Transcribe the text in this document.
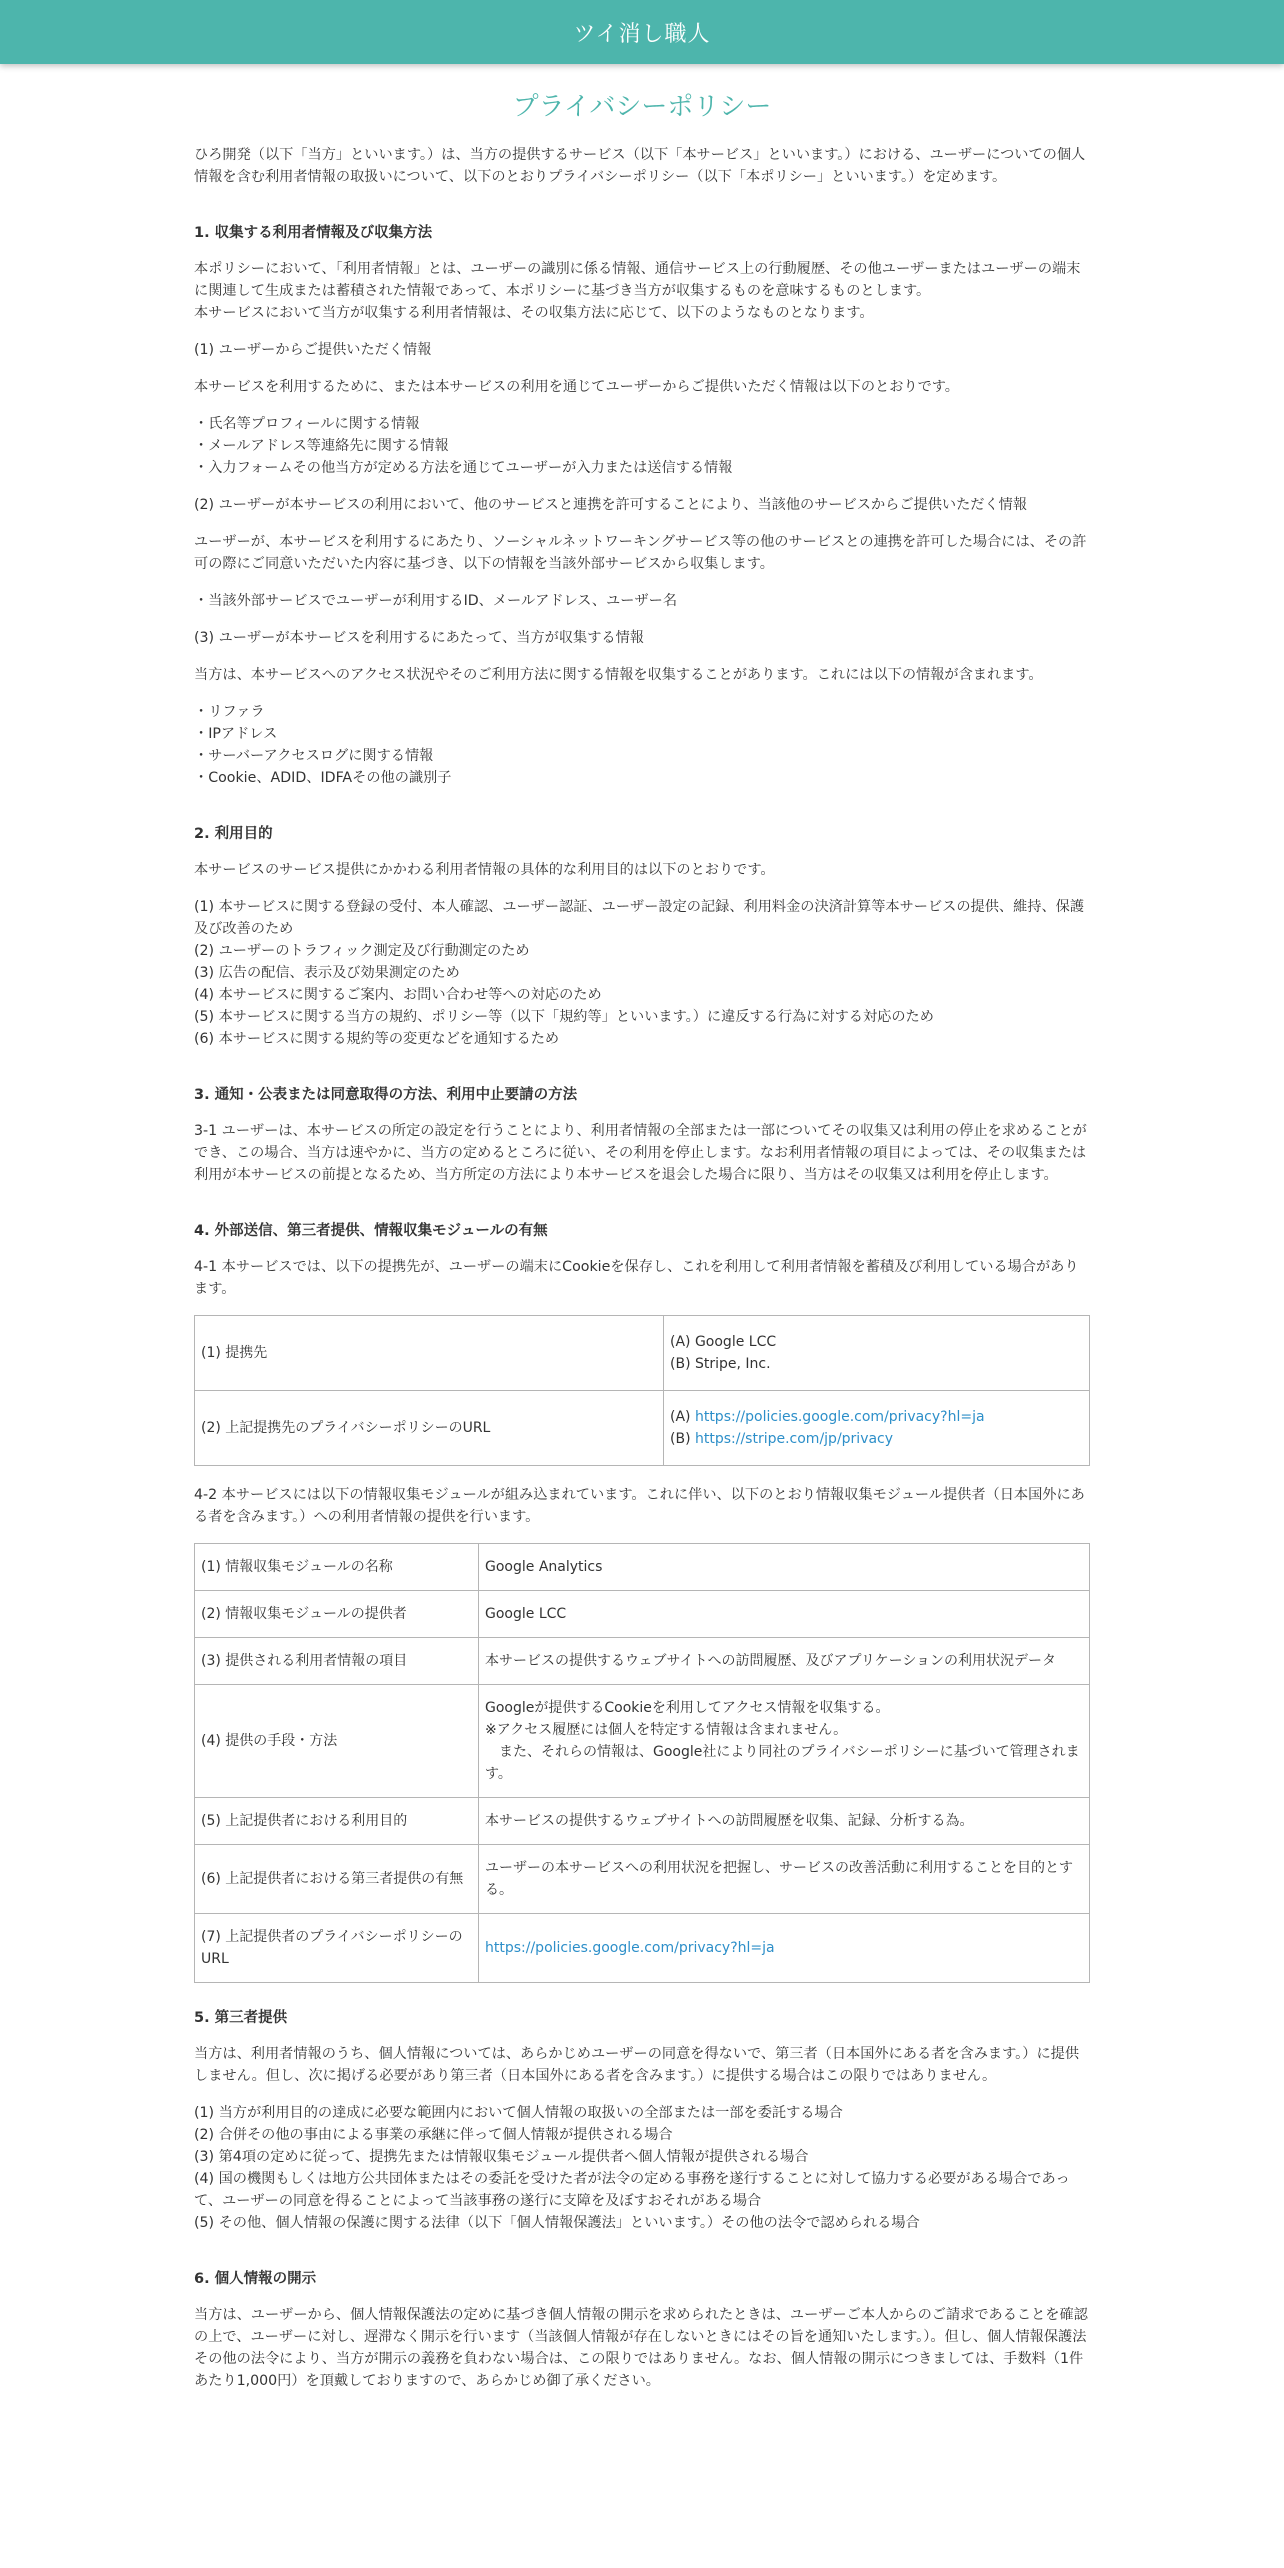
ツイ消し職人
プライバシーポリシー

ひろ開発（以下「当方」といいます。）は、当方の提供するサービス（以下「本サービス」といいます。）における、ユーザーについての個人情報を含む利用者情報の取扱いについて、以下のとおりプライバシーポリシー（以下「本ポリシー」といいます。）を定めます。

1. 収集する利用者情報及び収集方法

本ポリシーにおいて、「利用者情報」とは、ユーザーの識別に係る情報、通信サービス上の行動履歴、その他ユーザーまたはユーザーの端末に関連して生成または蓄積された情報であって、本ポリシーに基づき当方が収集するものを意味するものとします。
本サービスにおいて当方が収集する利用者情報は、その収集方法に応じて、以下のようなものとなります。

(1) ユーザーからご提供いただく情報

本サービスを利用するために、または本サービスの利用を通じてユーザーからご提供いただく情報は以下のとおりです。

・氏名等プロフィールに関する情報
・メールアドレス等連絡先に関する情報
・入力フォームその他当方が定める方法を通じてユーザーが入力または送信する情報

(2) ユーザーが本サービスの利用において、他のサービスと連携を許可することにより、当該他のサービスからご提供いただく情報

ユーザーが、本サービスを利用するにあたり、ソーシャルネットワーキングサービス等の他のサービスとの連携を許可した場合には、その許可の際にご同意いただいた内容に基づき、以下の情報を当該外部サービスから収集します。

・当該外部サービスでユーザーが利用するID、メールアドレス、ユーザー名

(3) ユーザーが本サービスを利用するにあたって、当方が収集する情報

当方は、本サービスへのアクセス状況やそのご利用方法に関する情報を収集することがあります。これには以下の情報が含まれます。

・リファラ
・IPアドレス
・サーバーアクセスログに関する情報
・Cookie、ADID、IDFAその他の識別子

2. 利用目的

本サービスのサービス提供にかかわる利用者情報の具体的な利用目的は以下のとおりです。

(1) 本サービスに関する登録の受付、本人確認、ユーザー認証、ユーザー設定の記録、利用料金の決済計算等本サービスの提供、維持、保護及び改善のため
(2) ユーザーのトラフィック測定及び行動測定のため
(3) 広告の配信、表示及び効果測定のため
(4) 本サービスに関するご案内、お問い合わせ等への対応のため
(5) 本サービスに関する当方の規約、ポリシー等（以下「規約等」といいます。）に違反する行為に対する対応のため
(6) 本サービスに関する規約等の変更などを通知するため

3. 通知・公表または同意取得の方法、利用中止要請の方法

3-1 ユーザーは、本サービスの所定の設定を行うことにより、利用者情報の全部または一部についてその収集又は利用の停止を求めることができ、この場合、当方は速やかに、当方の定めるところに従い、その利用を停止します。なお利用者情報の項目によっては、その収集または利用が本サービスの前提となるため、当方所定の方法により本サービスを退会した場合に限り、当方はその収集又は利用を停止します。

4. 外部送信、第三者提供、情報収集モジュールの有無

4-1 本サービスでは、以下の提携先が、ユーザーの端末にCookieを保存し、これを利用して利用者情報を蓄積及び利用している場合があります。

(1) 提携先	(A) Google LCC
(B) Stripe, Inc.
(2) 上記提携先のプライバシーポリシーのURL	(A) https://policies.google.com/privacy?hl=ja
(B) https://stripe.com/jp/privacy

4-2 本サービスには以下の情報収集モジュールが組み込まれています。これに伴い、以下のとおり情報収集モジュール提供者（日本国外にある者を含みます。）への利用者情報の提供を行います。

(1) 情報収集モジュールの名称	Google Analytics
(2) 情報収集モジュールの提供者	Google LCC
(3) 提供される利用者情報の項目	本サービスの提供するウェブサイトへの訪問履歴、及びアプリケーションの利用状況データ
(4) 提供の手段・方法	Googleが提供するCookieを利用してアクセス情報を収集する。
※アクセス履歴には個人を特定する情報は含まれません。
　また、それらの情報は、Google社により同社のプライバシーポリシーに基づいて管理されます。
(5) 上記提供者における利用目的	本サービスの提供するウェブサイトへの訪問履歴を収集、記録、分析する為。
(6) 上記提供者における第三者提供の有無	ユーザーの本サービスへの利用状況を把握し、サービスの改善活動に利用することを目的とする。
(7) 上記提供者のプライバシーポリシーのURL	https://policies.google.com/privacy?hl=ja
5. 第三者提供

当方は、利用者情報のうち、個人情報については、あらかじめユーザーの同意を得ないで、第三者（日本国外にある者を含みます。）に提供しません。但し、次に掲げる必要があり第三者（日本国外にある者を含みます。）に提供する場合はこの限りではありません。

(1) 当方が利用目的の達成に必要な範囲内において個人情報の取扱いの全部または一部を委託する場合
(2) 合併その他の事由による事業の承継に伴って個人情報が提供される場合
(3) 第4項の定めに従って、提携先または情報収集モジュール提供者へ個人情報が提供される場合
(4) 国の機関もしくは地方公共団体またはその委託を受けた者が法令の定める事務を遂行することに対して協力する必要がある場合であって、ユーザーの同意を得ることによって当該事務の遂行に支障を及ぼすおそれがある場合
(5) その他、個人情報の保護に関する法律（以下「個人情報保護法」といいます。）その他の法令で認められる場合

6. 個人情報の開示

当方は、ユーザーから、個人情報保護法の定めに基づき個人情報の開示を求められたときは、ユーザーご本人からのご請求であることを確認の上で、ユーザーに対し、遅滞なく開示を行います（当該個人情報が存在しないときにはその旨を通知いたします。）。但し、個人情報保護法その他の法令により、当方が開示の義務を負わない場合は、この限りではありません。なお、個人情報の開示につきましては、手数料（1件あたり1,000円）を頂戴しておりますので、あらかじめ御了承ください。
